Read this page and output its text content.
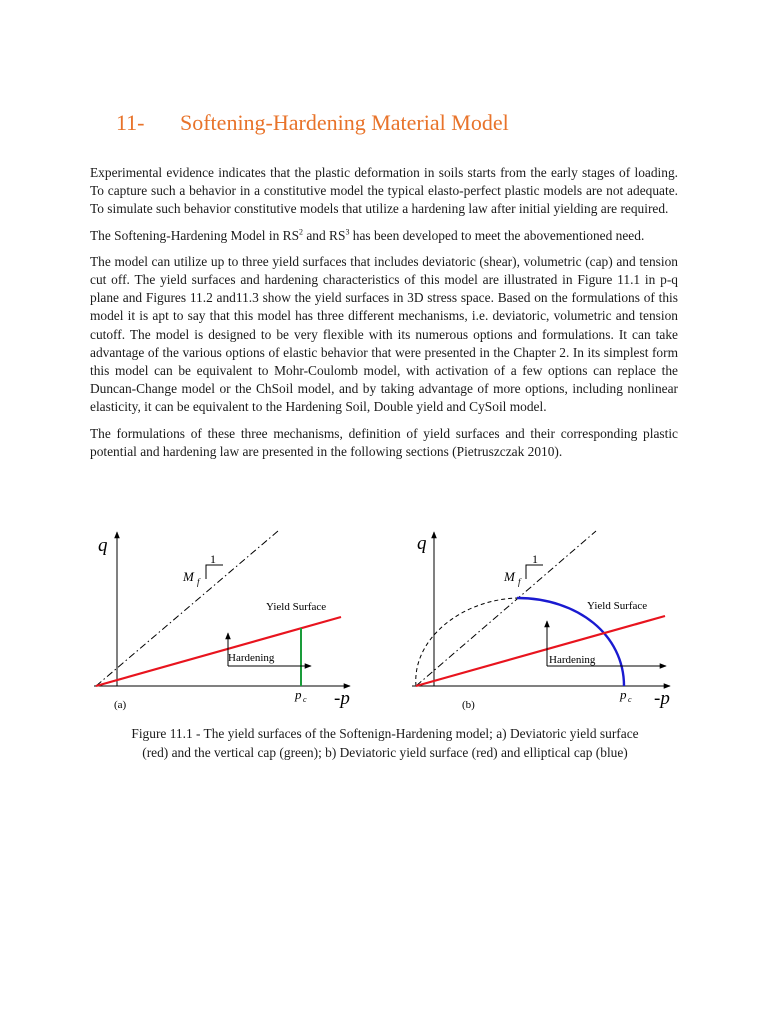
11- Softening-Hardening Material Model

Experimental evidence indicates that the plastic deformation in soils starts from the early stages of loading. To capture such a behavior in a constitutive model the typical elasto-perfect plastic models are not adequate. To simulate such behavior constitutive models that utilize a hardening law after initial yielding are required.

The Softening-Hardening Model in $RS^2$ and $RS^3$ has been developed to meet the abovementioned need.

The model can utilize up to three yield surfaces that includes deviatoric (shear), volumetric (cap) and tension cut off. The yield surfaces and hardening characteristics of this model are illustrated in Figure 11.1 in p-q plane and Figures 11.2 and11.3 show the yield surfaces in 3D stress space. Based on the formulations of this model it is apt to say that this model has three different mechanisms, i.e. deviatoric, volumetric and tension cutoff. The model is designed to be very flexible with its numerous options and formulations. It can take advantage of the various options of elastic behavior that were presented in the Chapter 2. In its simplest form this model can be equivalent to Mohr-Coulomb model, with activation of a few options can replace the Duncan-Change model or the ChSoil model, and by taking advantage of more options, including nonlinear elasticity, it can be equivalent to the Hardening Soil, Double yield and CySoil model.

The formulations of these three mechanisms, definition of yield surfaces and their corresponding plastic potential and hardening law are presented in the following sections (Pietruszczak 2010).

q
-p
1
M f
Yield Surface
Hardening
p c
(a)
q
-p
1
M f
Yield Surface
Hardening
p c
(b)
Figure 11.1 - The yield surfaces of the Softenign-Hardening model; a) Deviatoric yield surface
(red) and the vertical cap (green); b) Deviatoric yield surface (red) and elliptical cap (blue)
